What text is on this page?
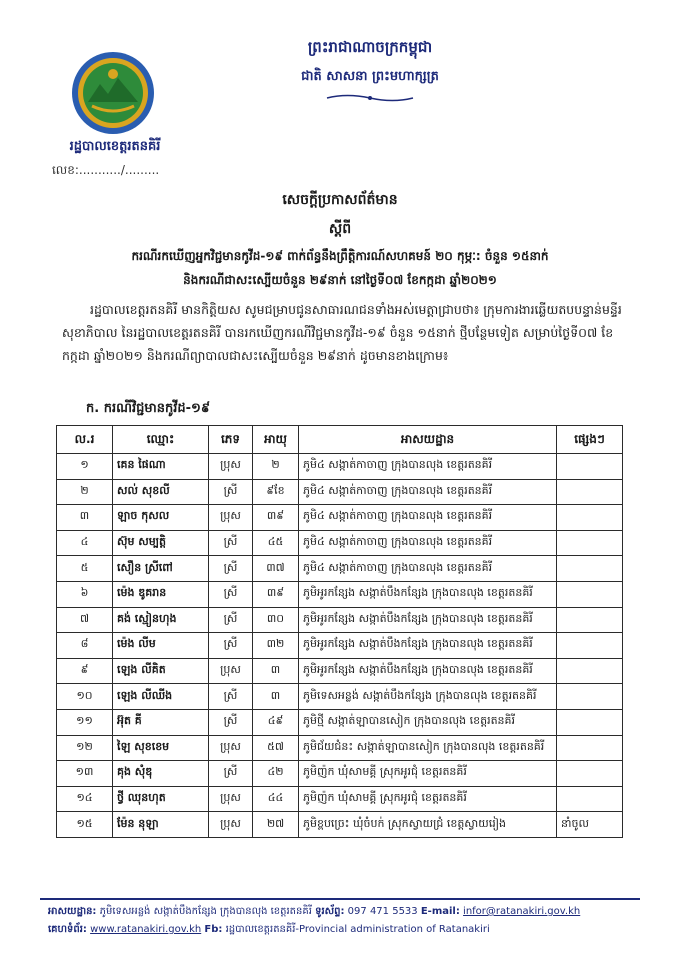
រដ្ឋបាលខេត្តរតនគិរី
លេខ:.........../.........
ព្រះរាជាណាចក្រកម្ពុជា
ជាតិ សាសនា ព្រះមហាក្សត្រ
សេចក្ដីប្រកាសព័ត៌មាន
ស្ដីពី
ករណីរកឃើញអ្នកវិជ្ជមានកូវីដ-១៩ ពាក់ព័ន្ធនឹងព្រឹត្តិការណ៍សហគមន៍ ២០ កុម្ភៈ: ចំនួន ១៥នាក់
និងករណីជាសះស្បើយចំនួន ២៩នាក់ នៅថ្ងៃទី០៧ ខែកក្កដា ឆ្នាំ២០២១
រដ្ឋបាលខេត្តរតនគិរី មានកិត្តិយស សូមជម្រាបជូនសាធារណជនទាំងអស់មេត្តាជ្រាបថា៖ ក្រុមការងារឆ្លើយតបបន្ទាន់មន្ទីរសុខាភិបាល នៃរដ្ឋបាលខេត្តរតនគិរី បានរកឃើញករណីវិជ្ជមានកូវីដ-១៩ ចំនួន ១៥នាក់ ថ្មីបន្ថែមទៀត សម្រាប់ថ្ងៃទី០៧ ខែកក្កដា ឆ្នាំ២០២១ និងករណីព្យាបាលជាសះស្បើយចំនួន ២៩នាក់ ដូចមានខាងក្រោម៖
ក. ករណីវិជ្ជមានកូវីដ-១៩
ល.រ	ឈ្មោះ	ភេទ	អាយុ	អាសយដ្ឋាន	ផ្សេងៗ
១	គេន ផៃណា	ប្រុស	២	ភូមិ៤ សង្កាត់កាចាញ ក្រុងបានលុង ខេត្តរតនគិរី	
២	សល់ សុខលី	ស្រី	៩ខែ	ភូមិ៤ សង្កាត់កាចាញ ក្រុងបានលុង ខេត្តរតនគិរី	
៣	ឡាច កុសល	ប្រុស	៣៩	ភូមិ៤ សង្កាត់កាចាញ ក្រុងបានលុង ខេត្តរតនគិរី	
៤	ស៊ុម សម្បត្តិ	ស្រី	៤៥	ភូមិ៤ សង្កាត់កាចាញ ក្រុងបានលុង ខេត្តរតនគិរី	
៥	សឿន ស្រីពៅ	ស្រី	៣៧	ភូមិ៤ សង្កាត់កាចាញ ក្រុងបានលុង ខេត្តរតនគិរី	
៦	ម៉េង ឌូគរាន	ស្រី	៣៩	ភូមិអូរកន្សែង សង្កាត់បឹងកន្សែង ក្រុងបានលុង ខេត្តរតនគិរី	
៧	គង់ ស្មៀនហុង	ស្រី	៣០	ភូមិអូរកន្សែង សង្កាត់បឹងកន្សែង ក្រុងបានលុង ខេត្តរតនគិរី	
៨	ម៉េង លីម	ស្រី	៣២	ភូមិអូរកន្សែង សង្កាត់បឹងកន្សែង ក្រុងបានលុង ខេត្តរតនគិរី	
៩	ឡេង លីគិត	ប្រុស	៣	ភូមិអូរកន្សែង សង្កាត់បឹងកន្សែង ក្រុងបានលុង ខេត្តរតនគិរី	
១០	ឡេង លីឈីង	ស្រី	៣	ភូមិទេសអន្លង់ សង្កាត់បឹងកន្សែង ក្រុងបានលុង ខេត្តរតនគិរី	
១១	អ៊ុត គី	ស្រី	៤៩	ភូមិថ្មី សង្កាត់ឡាបានសៀក ក្រុងបានលុង ខេត្តរតនគិរី	
១២	ឡៃ សុខខេម	ប្រុស	៥៧	ភូមិជ័យជំនះ សង្កាត់ឡាបានសៀក ក្រុងបានលុង ខេត្តរតនគិរី	
១៣	គុង សុំឌុ	ស្រី	៤២	ភូមិញ៉ក ឃុំសាមគ្គី ស្រុកអូរជុំ ខេត្តរតនគិរី	
១៤	ថ្វី ឈុនហុត	ប្រុស	៤៤	ភូមិញ៉ក ឃុំសាមគ្គី ស្រុកអូរជុំ ខេត្តរតនគិរី	
១៥	ម៉ែន នុឡា	ប្រុស	២៧	ភូមិខ្ពបច្រេះ ឃុំចំបក់ ស្រុកស្វាយជ្រំ ខេត្តស្វាយរៀង	នាំចូល
អាសយដ្ឋាន: ភូមិទេសអន្លង់ សង្កាត់បឹងកន្សែង ក្រុងបានលុង ខេត្តរតនគិរី ទូរស័ព្ទ: 097 471 5533 E-mail: infor@ratanakiri.gov.kh
គេហទំព័រ: www.ratanakiri.gov.kh Fb: រដ្ឋបាលខេត្តរតនគិរី-Provincial administration of Ratanakiri
